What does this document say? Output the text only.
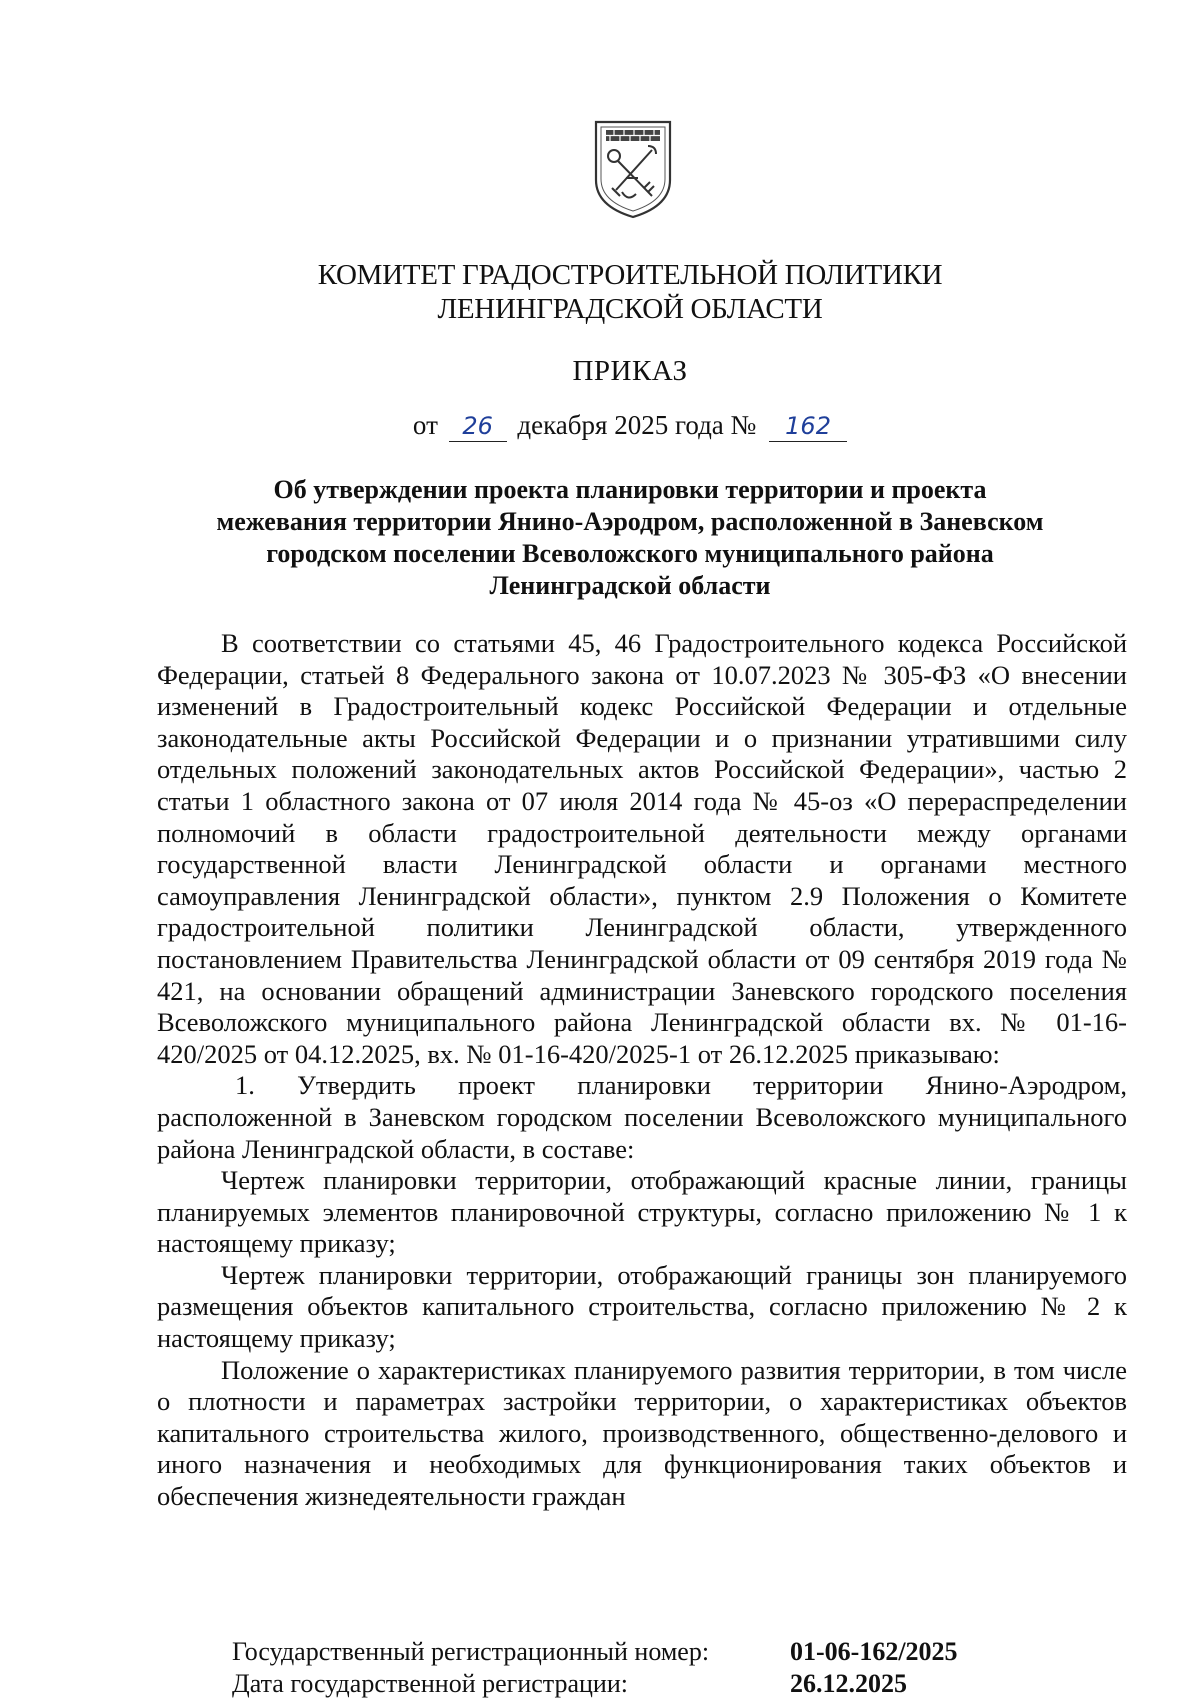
КОМИТЕТ ГРАДОСТРОИТЕЛЬНОЙ ПОЛИТИКИ
ЛЕНИНГРАДСКОЙ ОБЛАСТИ
ПРИКАЗ
от 26 декабря 2025 года № 162
Об утверждении проекта планировки территории и проекта
межевания территории Янино-Аэродром, расположенной в Заневском
городском поселении Всеволожского муниципального района
Ленинградской области

В соответствии со статьями 45, 46 Градостроительного кодекса Российской Федерации, статьей 8 Федерального закона от 10.07.2023 № 305-ФЗ «О внесении изменений в Градостроительный кодекс Российской Федерации и отдельные законодательные акты Российской Федерации и о признании утратившими силу отдельных положений законодательных актов Российской Федерации», частью 2 статьи 1 областного закона от 07 июля 2014 года № 45-оз «О перераспределении полномочий в области градостроительной деятельности между органами государственной власти Ленинградской области и органами местного самоуправления Ленинградской области», пунктом 2.9 Положения о Комитете градостроительной политики Ленинградской области, утвержденного постановлением Правительства Ленинградской области от 09 сентября 2019 года № 421, на основании обращений администрации Заневского городского поселения Всеволожского муниципального района Ленинградской области вх. № 01-16-420/2025 от 04.12.2025, вх. № 01-16-420/2025-1 от 26.12.2025 приказываю:

1. Утвердить проект планировки территории Янино-Аэродром, расположенной в Заневском городском поселении Всеволожского муниципального района Ленинградской области, в составе:

Чертеж планировки территории, отображающий красные линии, границы планируемых элементов планировочной структуры, согласно приложению № 1 к настоящему приказу;

Чертеж планировки территории, отображающий границы зон планируемого размещения объектов капитального строительства, согласно приложению № 2 к настоящему приказу;

Положение о характеристиках планируемого развития территории, в том числе о плотности и параметрах застройки территории, о характеристиках объектов капитального строительства жилого, производственного, общественно-делового и иного назначения и необходимых для функционирования таких объектов и обеспечения жизнедеятельности граждан

Государственный регистрационный номер:	01-06-162/2025
Дата государственной регистрации:	26.12.2025
